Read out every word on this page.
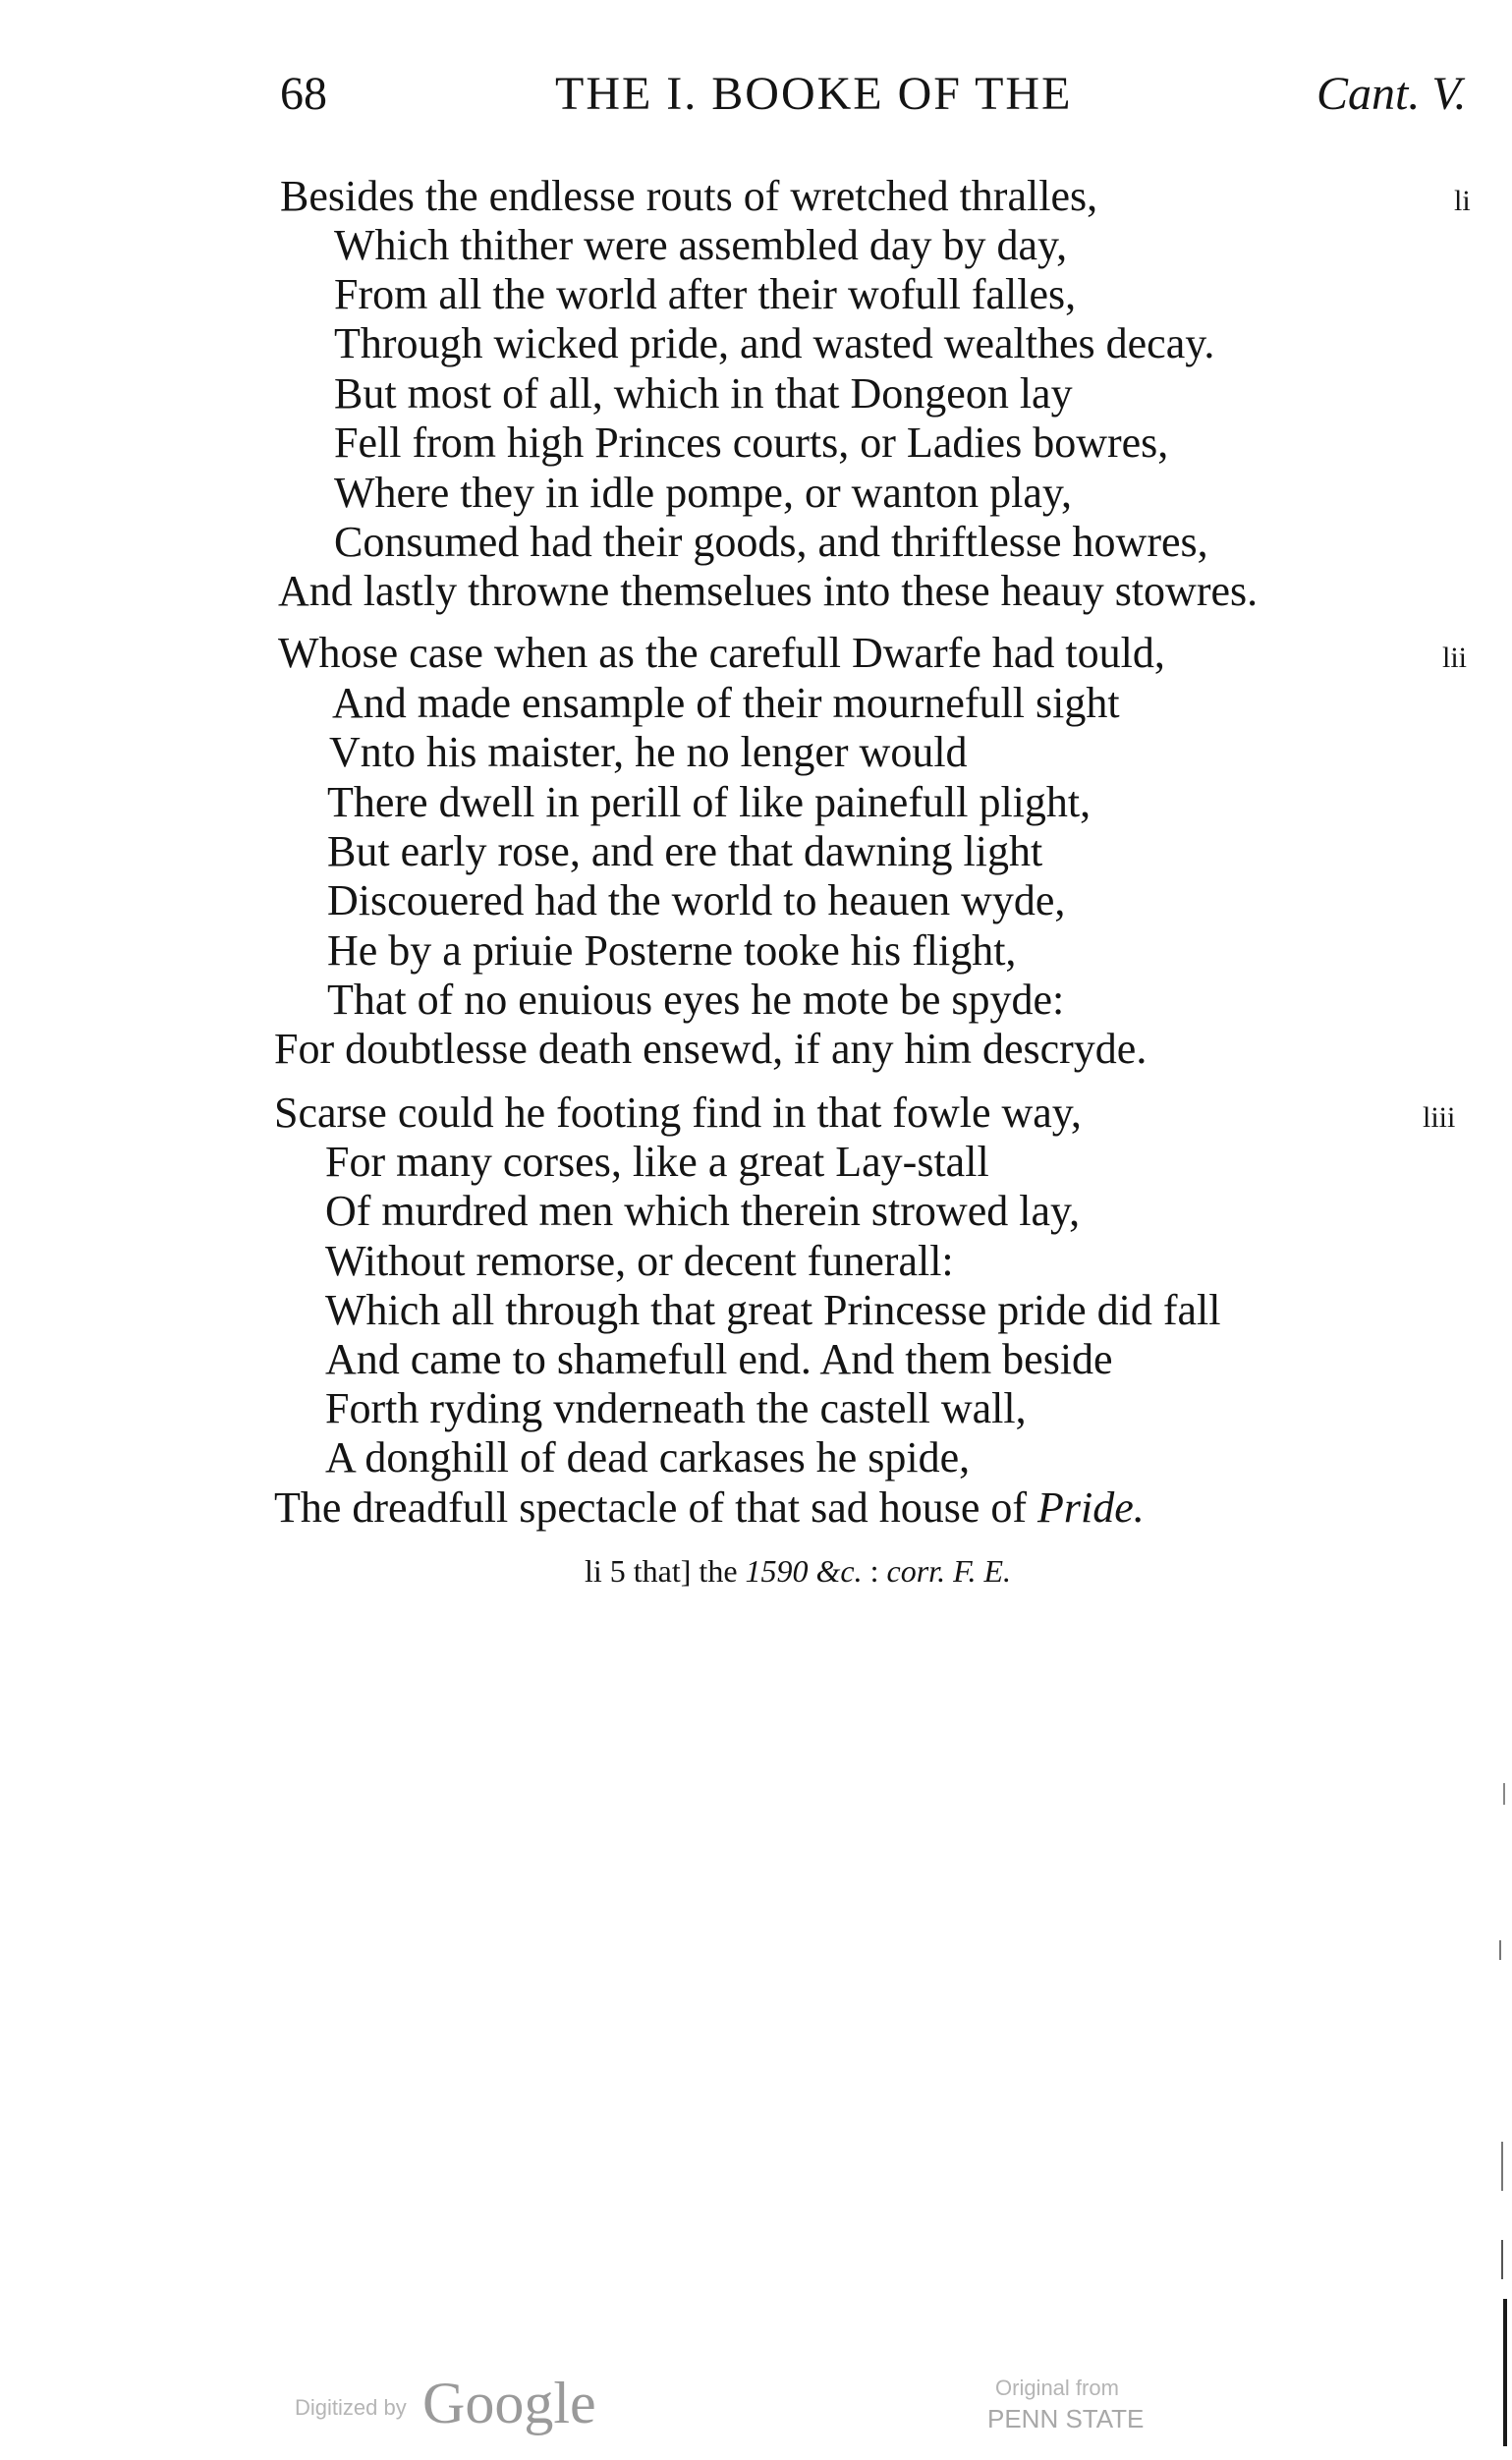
68	THE I. BOOKE OF THE	Cant. V.
li
Besides the endlesse routs of wretched thralles,
Which thither were assembled day by day,
From all the world after their wofull falles,
Through wicked pride, and wasted wealthes decay.
But most of all, which in that Dongeon lay
Fell from high Princes courts, or Ladies bowres,
Where they in idle pompe, or wanton play,
Consumed had their goods, and thriftlesse howres,
And lastly throwne themselues into these heauy stowres.
lii
Whose case when as the carefull Dwarfe had tould,
And made ensample of their mournefull sight
Vnto his maister, he no lenger would
There dwell in perill of like painefull plight,
But early rose, and ere that dawning light
Discouered had the world to heauen wyde,
He by a priuie Posterne tooke his flight,
That of no enuious eyes he mote be spyde:
For doubtlesse death ensewd, if any him descryde.
liii
Scarse could he footing find in that fowle way,
For many corses, like a great Lay-stall
Of murdred men which therein strowed lay,
Without remorse, or decent funerall:
Which all through that great Princesse pride did fall
And came to shamefull end. And them beside
Forth ryding vnderneath the castell wall,
A donghill of dead carkases he spide,
The dreadfull spectacle of that sad house of Pride.
li 5 that] the 1590 &c. : corr. F. E.
Digitized by Google	Original from
PENN STATE
